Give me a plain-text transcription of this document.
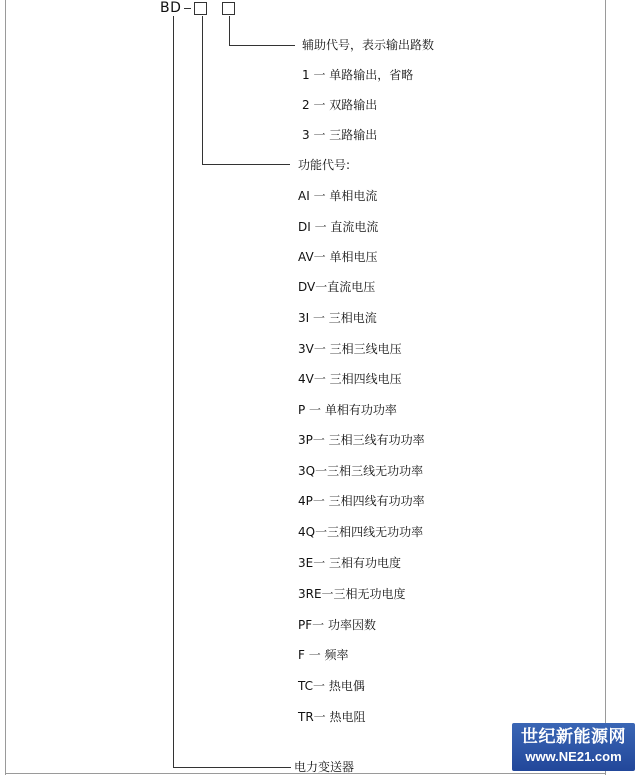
BD
辅助代号，表示输出路数
1 一 单路输出，省略
2 一 双路输出
3 一 三路输出
功能代号:
AI 一 单相电流
DI 一 直流电流
AV一 单相电压
DV一直流电压
3I 一 三相电流
3V一 三相三线电压
4V一 三相四线电压
P 一 单相有功功率
3P一 三相三线有功功率
3Q一三相三线无功功率
4P一 三相四线有功功率
4Q一三相四线无功功率
3E一 三相有功电度
3RE一三相无功电度
PF一 功率因数
F 一 频率
TC一 热电偶
TR一 热电阻
电力变送器
世纪新能源网
www.NE21.com
